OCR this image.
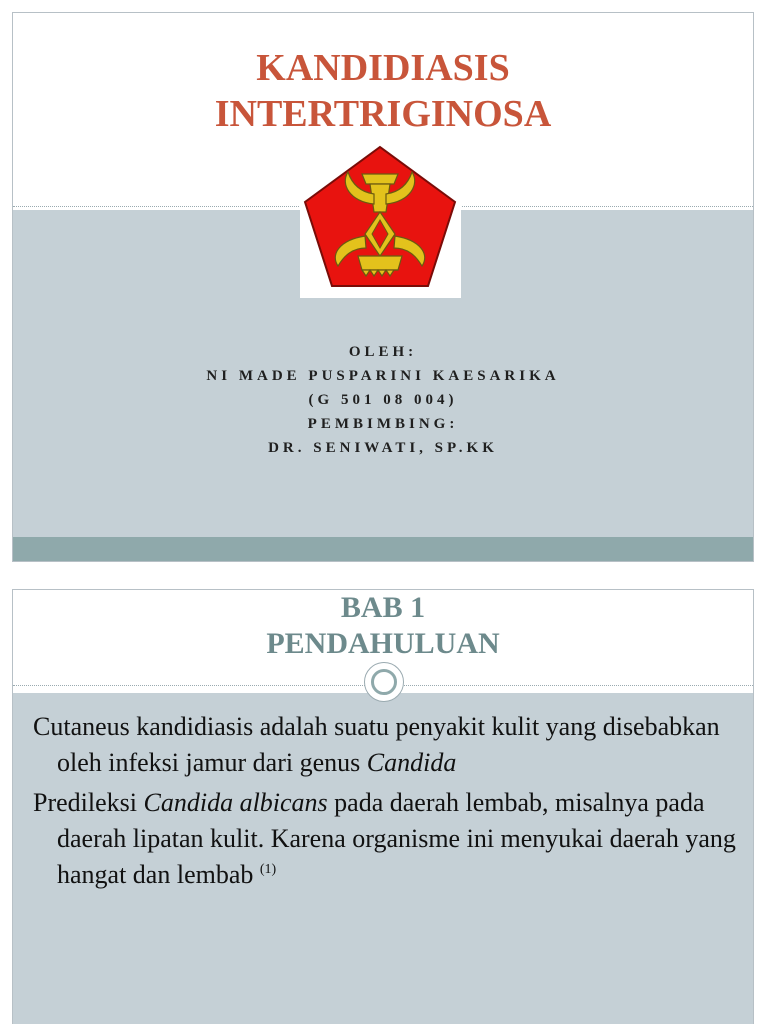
KANDIDIASIS
INTERTRIGINOSA
OLEH:
NI MADE PUSPARINI KAESARIKA
(G 501 08 004)
PEMBIMBING:
DR. SENIWATI, SP.KK
BAB 1
PENDAHULUAN

Cutaneus kandidiasis adalah suatu penyakit kulit yang disebabkan oleh infeksi jamur dari genus Candida

Predileksi Candida albicans pada daerah lembab, misalnya pada daerah lipatan kulit. Karena organisme ini menyukai daerah yang hangat dan lembab $^{(1)}$
